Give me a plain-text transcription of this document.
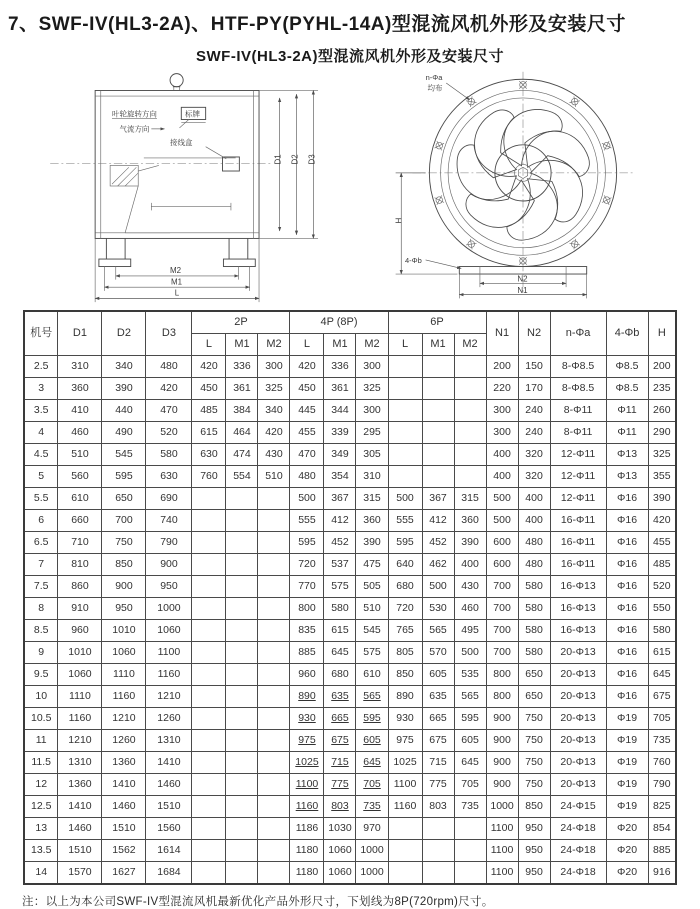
7、SWF-IV(HL3-2A)、HTF-PY(PYHL-14A)型混流风机外形及安装尺寸
SWF-IV(HL3-2A)型混流风机外形及安装尺寸
接线盒
叶轮旋转方向
气流方向
标牌
M2
M1
L
D1 D2 D3
n-Φa
均布
H
4-Φb
N2
N1
机号	D1	D2	D3	2P			4P (8P)			6P			N1	N2	n-Φa	4-Φb	H
				L	M1	M2	L	M1	M2	L	M1	M2					
2.5	310	340	480	420	336	300	420	336	300				200	150	8-Φ8.5	Φ8.5	200
3	360	390	420	450	361	325	450	361	325				220	170	8-Φ8.5	Φ8.5	235
3.5	410	440	470	485	384	340	445	344	300				300	240	8-Φ11	Φ11	260
4	460	490	520	615	464	420	455	339	295				300	240	8-Φ11	Φ11	290
4.5	510	545	580	630	474	430	470	349	305				400	320	12-Φ11	Φ13	325
5	560	595	630	760	554	510	480	354	310				400	320	12-Φ11	Φ13	355
5.5	610	650	690				500	367	315	500	367	315	500	400	12-Φ11	Φ16	390
6	660	700	740				555	412	360	555	412	360	500	400	16-Φ11	Φ16	420
6.5	710	750	790				595	452	390	595	452	390	600	480	16-Φ11	Φ16	455
7	810	850	900				720	537	475	640	462	400	600	480	16-Φ11	Φ16	485
7.5	860	900	950				770	575	505	680	500	430	700	580	16-Φ13	Φ16	520
8	910	950	1000				800	580	510	720	530	460	700	580	16-Φ13	Φ16	550
8.5	960	1010	1060				835	615	545	765	565	495	700	580	16-Φ13	Φ16	580
9	1010	1060	1100				885	645	575	805	570	500	700	580	20-Φ13	Φ16	615
9.5	1060	1110	1160				960	680	610	850	605	535	800	650	20-Φ13	Φ16	645
10	1110	1160	1210				890	635	565	890	635	565	800	650	20-Φ13	Φ16	675
10.5	1160	1210	1260				930	665	595	930	665	595	900	750	20-Φ13	Φ19	705
11	1210	1260	1310				975	675	605	975	675	605	900	750	20-Φ13	Φ19	735
11.5	1310	1360	1410				1025	715	645	1025	715	645	900	750	20-Φ13	Φ19	760
12	1360	1410	1460				1100	775	705	1100	775	705	900	750	20-Φ13	Φ19	790
12.5	1410	1460	1510				1160	803	735	1160	803	735	1000	850	24-Φ15	Φ19	825
13	1460	1510	1560				1186	1030	970				1100	950	24-Φ18	Φ20	854
13.5	1510	1562	1614				1180	1060	1000				1100	950	24-Φ18	Φ20	885
14	1570	1627	1684				1180	1060	1000				1100	950	24-Φ18	Φ20	916
注：以上为本公司SWF-IV型混流风机最新优化产品外形尺寸，下划线为8P(720rpm)尺寸。
